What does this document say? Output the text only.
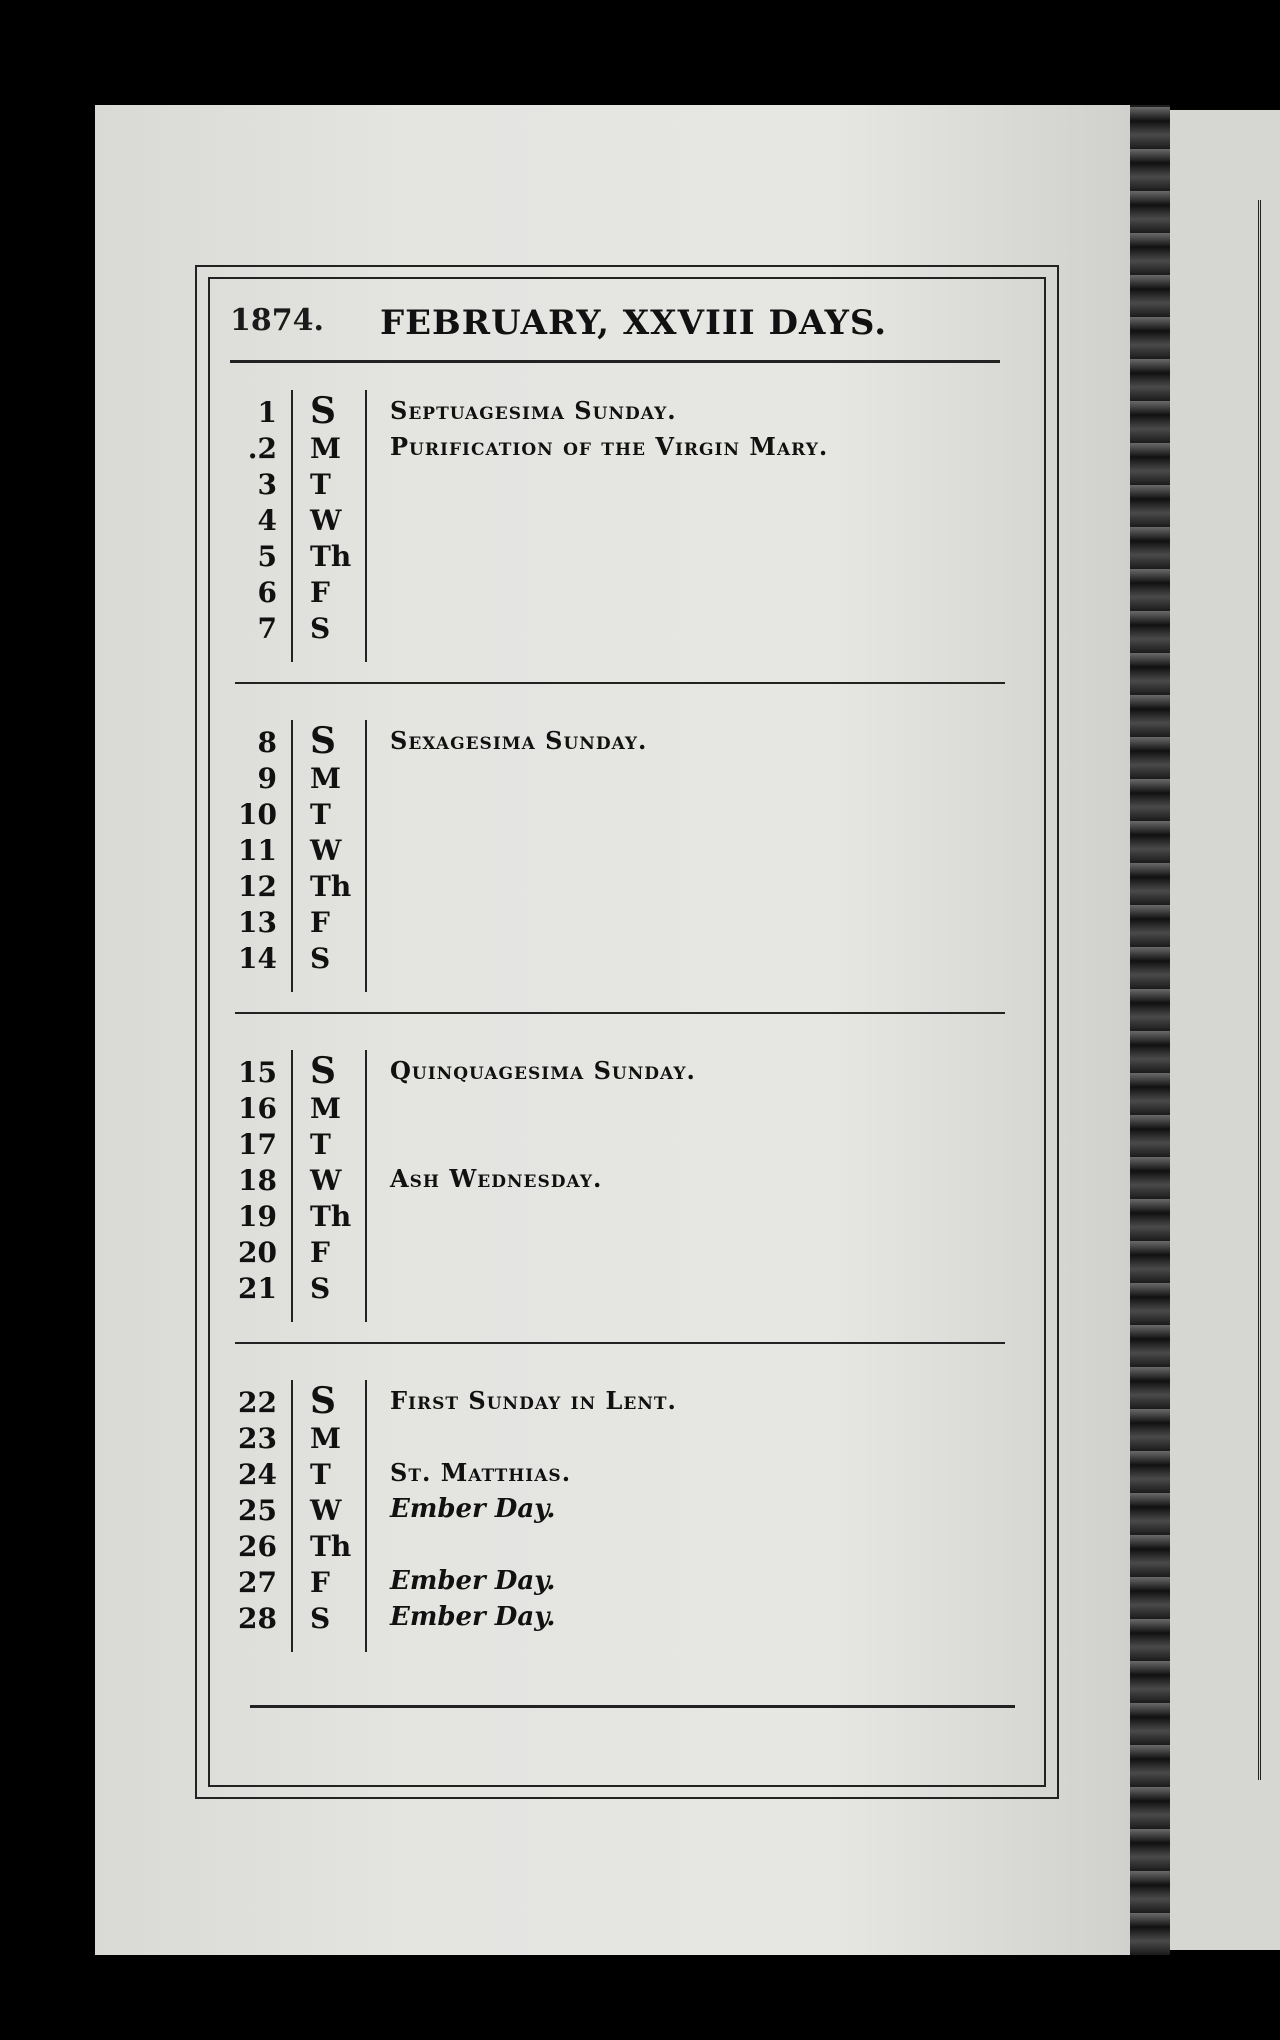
1874. FEBRUARY, XXVIII DAYS.
1 S Septuagesima Sunday.
.2 M Purification of the Virgin Mary.
3 T
4 W
5 Th
6 F
7 S
8 S Sexagesima Sunday.
9 M
10 T
11 W
12 Th
13 F
14 S
15 S Quinquagesima Sunday.
16 M
17 T
18 W Ash Wednesday.
19 Th
20 F
21 S
22 S First Sunday in Lent.
23 M
24 T St. Matthias.
25 W Ember Day.
26 Th
27 F Ember Day.
28 S Ember Day.
